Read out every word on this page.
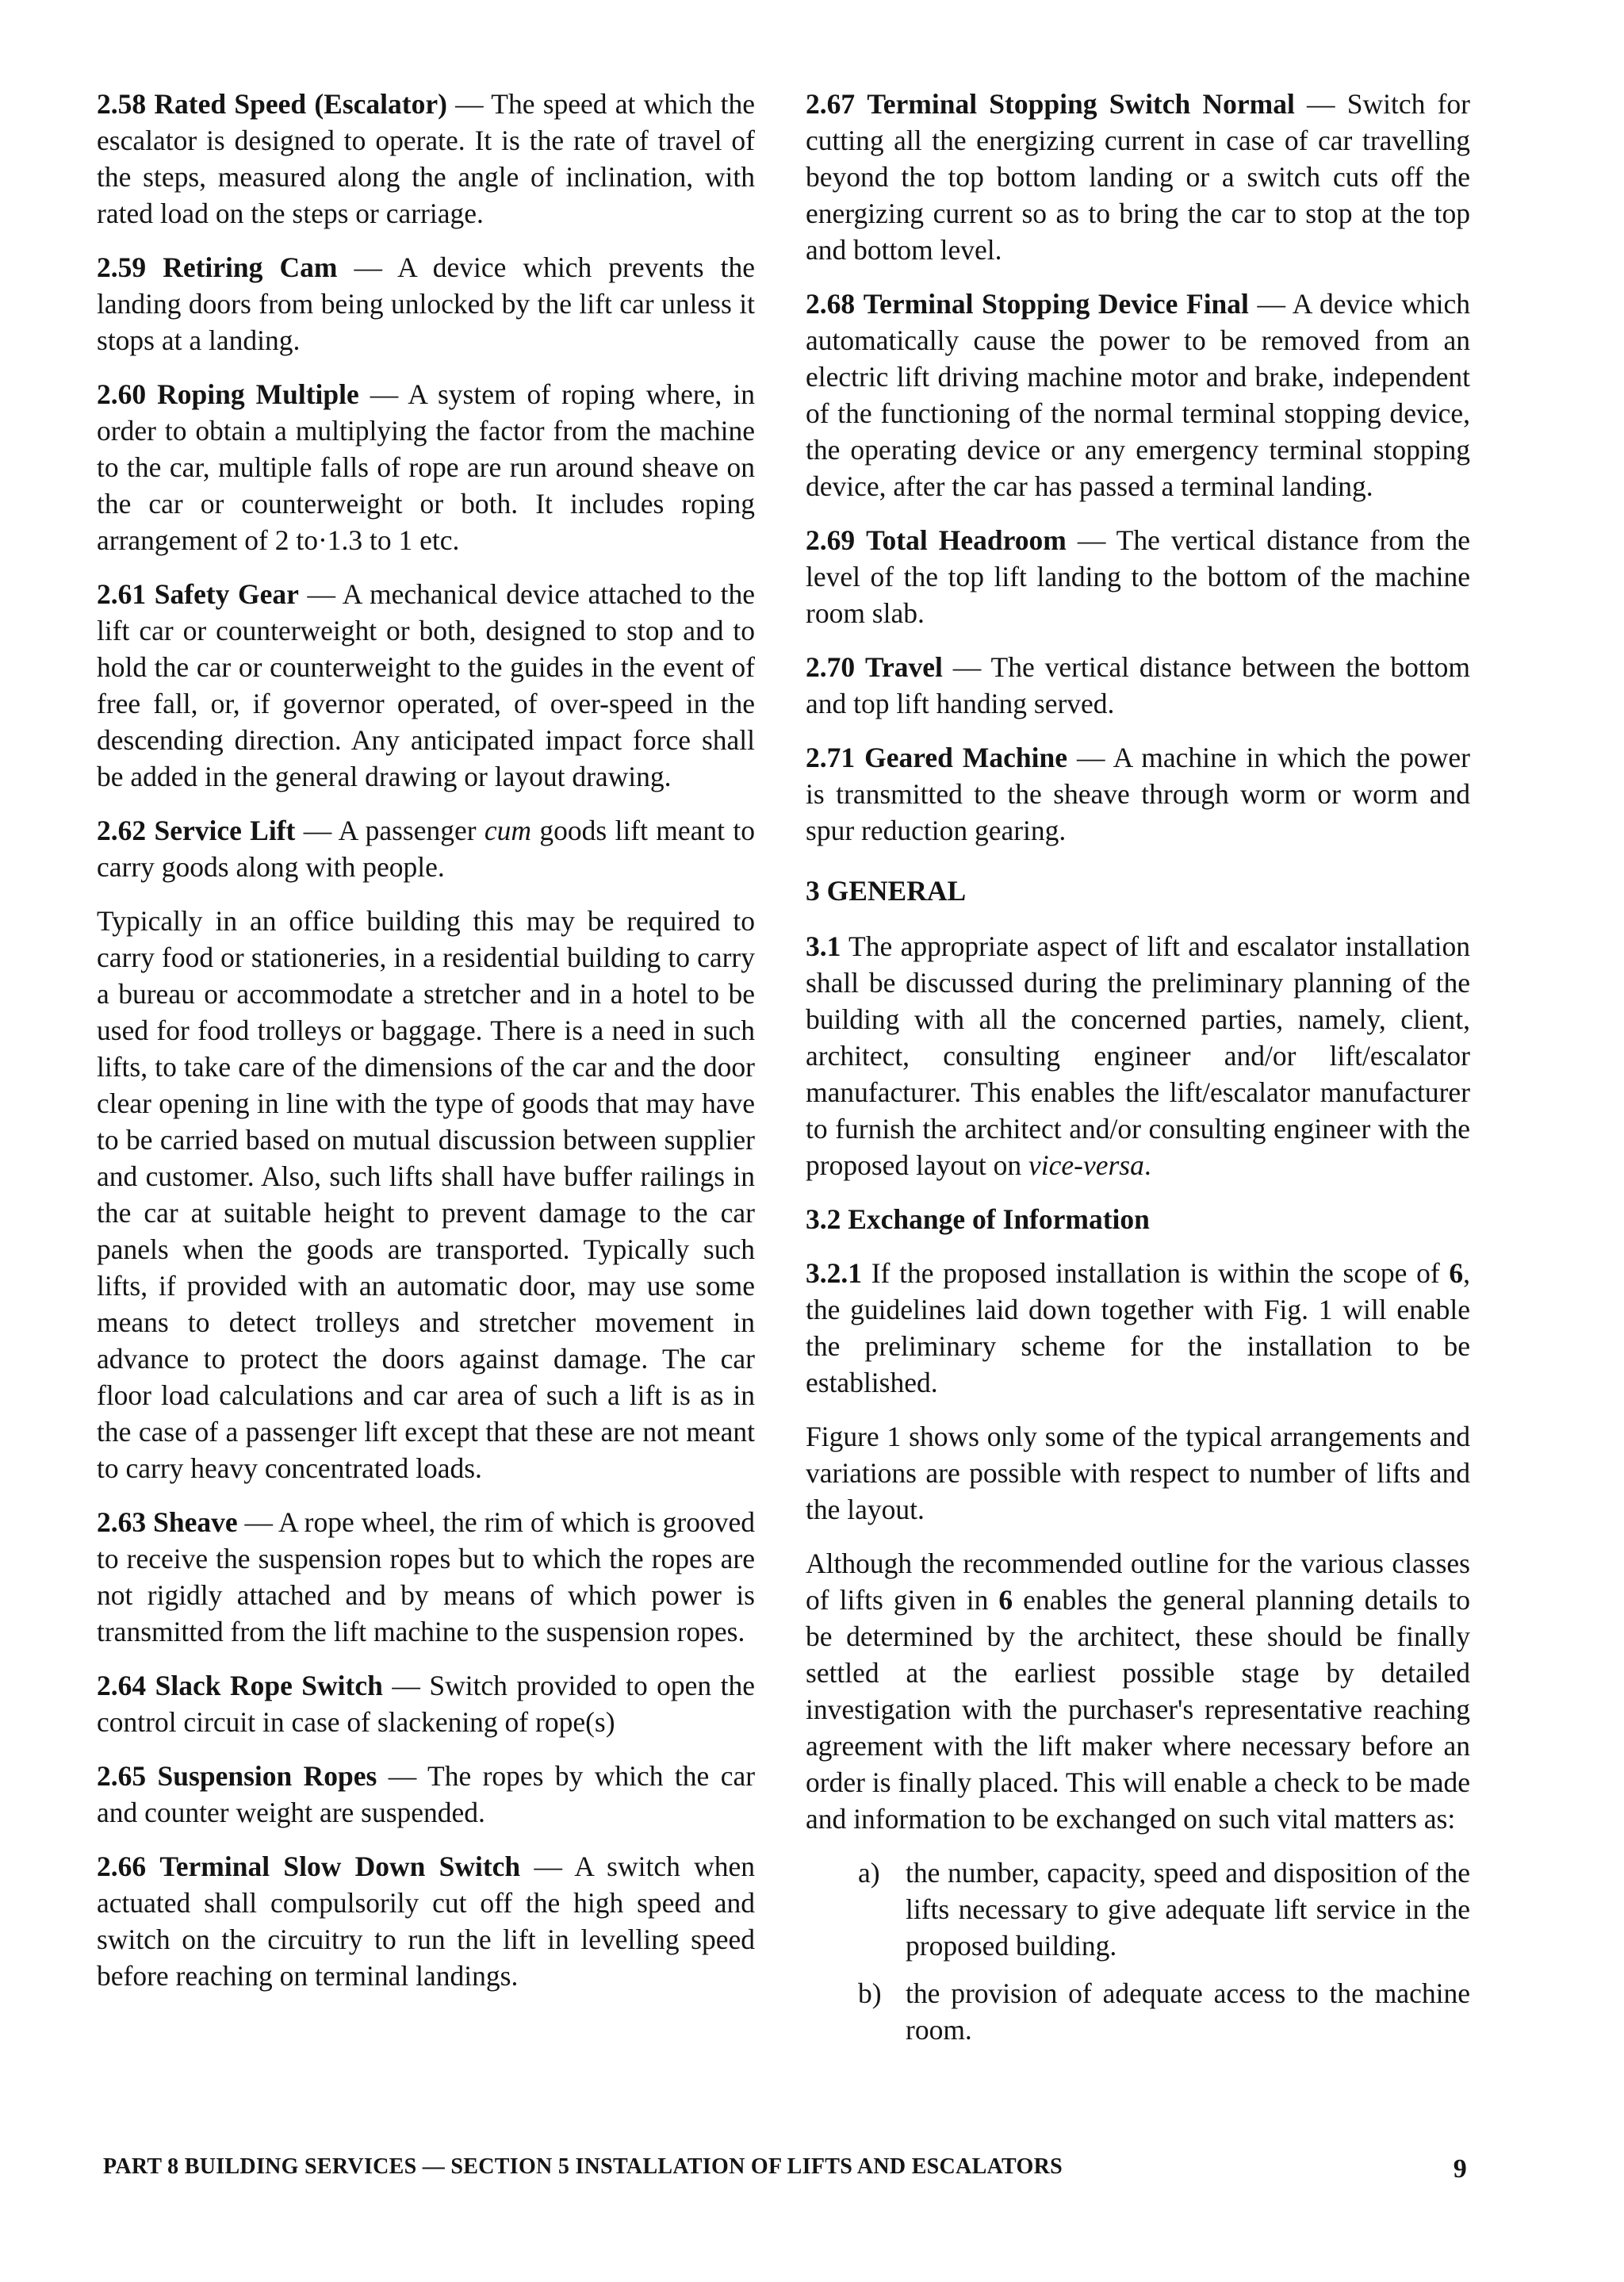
2.58 Rated Speed (Escalator) — The speed at which the escalator is designed to operate. It is the rate of travel of the steps, measured along the angle of inclination, with rated load on the steps or carriage.

2.59 Retiring Cam — A device which prevents the landing doors from being unlocked by the lift car unless it stops at a landing.

2.60 Roping Multiple — A system of roping where, in order to obtain a multiplying the factor from the machine to the car, multiple falls of rope are run around sheave on the car or counterweight or both. It includes roping arrangement of 2 to·1.3 to 1 etc.

2.61 Safety Gear — A mechanical device attached to the lift car or counterweight or both, designed to stop and to hold the car or counterweight to the guides in the event of free fall, or, if governor operated, of over-speed in the descending direction. Any anticipated impact force shall be added in the general drawing or layout drawing.

2.62 Service Lift — A passenger cum goods lift meant to carry goods along with people.

Typically in an office building this may be required to carry food or stationeries, in a residential building to carry a bureau or accommodate a stretcher and in a hotel to be used for food trolleys or baggage. There is a need in such lifts, to take care of the dimensions of the car and the door clear opening in line with the type of goods that may have to be carried based on mutual discussion between supplier and customer. Also, such lifts shall have buffer railings in the car at suitable height to prevent damage to the car panels when the goods are transported. Typically such lifts, if provided with an automatic door, may use some means to detect trolleys and stretcher movement in advance to protect the doors against damage. The car floor load calculations and car area of such a lift is as in the case of a passenger lift except that these are not meant to carry heavy concentrated loads.

2.63 Sheave — A rope wheel, the rim of which is grooved to receive the suspension ropes but to which the ropes are not rigidly attached and by means of which power is transmitted from the lift machine to the suspension ropes.

2.64 Slack Rope Switch — Switch provided to open the control circuit in case of slackening of rope(s)

2.65 Suspension Ropes — The ropes by which the car and counter weight are suspended.

2.66 Terminal Slow Down Switch — A switch when actuated shall compulsorily cut off the high speed and switch on the circuitry to run the lift in levelling speed before reaching on terminal landings.

2.67 Terminal Stopping Switch Normal — Switch for cutting all the energizing current in case of car travelling beyond the top bottom landing or a switch cuts off the energizing current so as to bring the car to stop at the top and bottom level.

2.68 Terminal Stopping Device Final — A device which automatically cause the power to be removed from an electric lift driving machine motor and brake, independent of the functioning of the normal terminal stopping device, the operating device or any emergency terminal stopping device, after the car has passed a terminal landing.

2.69 Total Headroom — The vertical distance from the level of the top lift landing to the bottom of the machine room slab.

2.70 Travel — The vertical distance between the bottom and top lift handing served.

2.71 Geared Machine — A machine in which the power is transmitted to the sheave through worm or worm and spur reduction gearing.

3 GENERAL

3.1 The appropriate aspect of lift and escalator installation shall be discussed during the preliminary planning of the building with all the concerned parties, namely, client, architect, consulting engineer and/or lift/escalator manufacturer. This enables the lift/escalator manufacturer to furnish the architect and/or consulting engineer with the proposed layout on vice-versa.

3.2 Exchange of Information

3.2.1 If the proposed installation is within the scope of 6, the guidelines laid down together with Fig. 1 will enable the preliminary scheme for the installation to be established.

Figure 1 shows only some of the typical arrangements and variations are possible with respect to number of lifts and the layout.

Although the recommended outline for the various classes of lifts given in 6 enables the general planning details to be determined by the architect, these should be finally settled at the earliest possible stage by detailed investigation with the purchaser's representative reaching agreement with the lift maker where necessary before an order is finally placed. This will enable a check to be made and information to be exchanged on such vital matters as:

a) the number, capacity, speed and disposition of the lifts necessary to give adequate lift service in the proposed building.
b) the provision of adequate access to the machine room.
PART 8 BUILDING SERVICES — SECTION 5 INSTALLATION OF LIFTS AND ESCALATORS	9
